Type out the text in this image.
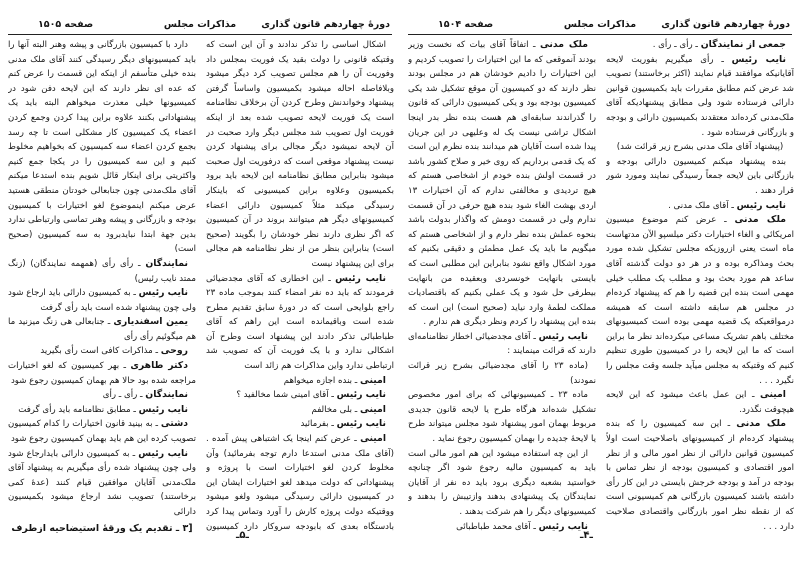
دورهٔ چهاردهم قانون گذاری
مذاکرات مجلس
صفحه ۱۵۰۵

اشکال اساسی را تذکر ندادند و آن این است که وقتیکه قانونی را دولت بقید یک فوریت بمجلس داد وفوریت آن را هم مجلس تصویب کرد دیگر میشود وبلافاصله احاله میشود بکمیسیون واساساً گرفتن پیشنهاد وخواندنش وطرح کردن آن برخلاف نظامنامه است یک فوریت لایحه تصویب شده بعد از اینکه فوریت اول تصویب شد مجلس دیگر وارد صحبت در آن لایحه نمیشود دیگر مجالی برای پیشنهاد کردن نیست پیشنهاد موقعی است که درفوریت اول صحبت میشود بنابراین مطابق نظامنامه این لایحه باید برود بکمیسیون وعلاوه براین کمیسیونی که باینکار رسیدگی میکند مثلاً کمیسیون دارائی اعضاء کمیسیونهای دیگر هم میتوانند بروند در آن کمیسیون که اگر نظری دارند نظر خودشان را بگویند (صحیح است) بنابراین بنظر من از نظر نظامنامه هم مجالی برای این پیشنهاد نیست

نایب رئیس ـ این اخطاری که آقای مجدضیائی فرمودند که باید ده نفر امضاء کنند بموجب ماده ۲۳ راجع بلوایحی است که در دورهٔ سابق تقدیم مطرح شده است وباقیمانده است این راهم که آقای طباطبائی تذکر دادند این پیشنهاد است وطرح آن اشکالی ندارد و با یک فوریت آن که تصویب شد ارتباطی ندارد واین مذاکرات هم زائد است

امینی ـ بنده اجازه میخواهم

نایب رئیس ـ آقای امینی شما مخالفید ؟

امینی ـ بلی مخالفم

نایب رئیس ـ بفرمائید

امینی ـ عرض کنم اینجا یک اشتباهی پیش آمده . (آقای ملک مدنی استدعا دارم توجه بفرمائید) وآن مخلوط کردن لغو اختیارات است با پروژه و پیشنهاداتی که دولت میدهد لغو اختیارات ایشان این در کمیسیون دارائی رسیدگی میشود ولغو میشود ووقتیکه دولت پروژه کارش را آورد وتماس پیدا کرد بادستگاه بعدی که بابودجه سروکار دارد کمیسیون

دارد با کمیسیون بازرگانی و پیشه وهنر البته آنها را باید کمیسیونهای دیگر رسیدگی کنند آقای ملک مدنی بنده خیلی متأسفم از اینکه این قسمت را عرض کنم که عده ای نظر دارند که این لایحه دفن شود در کمیسیونها خیلی معذرت میخواهم البته باید یک پیشنهاداتی بکنند علاوه براین پیدا کردن وجمع کردن اعضاء یک کمیسیون کار مشکلی است تا چه رسد بجمع کردن اعضاء سه کمیسیون که بخواهیم مخلوط کنیم و این سه کمیسیون را در یکجا جمع کنیم واکثریتی برای اینکار قائل شویم بنده استدعا میکنم آقای ملک‌مدنی چون جنابعالی خودتان منطقی هستید عرض میکنم اینموضوع لغو اختیارات با کمیسیون بودجه و بازرگانی و پیشه وهنر تماسی وارتباطی ندارد بدین جهة ابتدا نبایدبرود به سه کمیسیون (صحیح است)

نمایندگان ـ رأی رأی (همهمه نمایندگان) (زنگ ممتد نایب رئیس)

نایب رئیس ـ به کمیسیون دارائی باید ارجاع شود ولی چون پیشنهاد شده است باید رأی گرفت

یمین اسفندیاری ـ جنابعالی هی زنگ میزنید ما هم میگوئیم رأی رأی

روحی ـ مذاکرات کافی است رأی بگیرید

دکتر طاهری ـ بهر کمیسیون که لغو اختیارات مراجعه شده بود حالا هم بهمان کمیسیون رجوع شود

نمایندگان ـ رأی ـ رأی

نایب رئیس ـ مطابق نظامنامه باید رأی گرفت

دشتی ـ به بینید قانون اختیارات را کدام کمیسیون تصویب کرده این هم باید بهمان کمیسیون رجوع شود

نایب رئیس ـ به کمیسیون دارائی بایدارجاع شود ولی چون پیشنهاد شده رأی میگیریم به پیشنهاد آقای ملک‌مدنی آقایان موافقین قیام کنند (عدهٔ کمی برخاستند) تصویب نشد ارجاع میشود بکمیسیون دارائی

[۳ ـ تقدیم یک ورقهٔ استیضاحیه ازطرف

ـ۵ـ
دورهٔ چهاردهم قانون گذاری
مذاکرات مجلس
صفحه ۱۵۰۴

جمعی از نمایندگان ـ رأی ـ رأی .

نایب رئیس ـ رأی میگیریم بفوریت لایحه آقایانیکه موافقند قیام نمایند (اکثر برخاستند) تصویب شد عرض کنم مطابق مقررات باید بکمیسیون قوانین دارائی فرستاده شود ولی مطابق پیشنهادیکه آقای ملک‌مدنی کرده‌اند معتقدند بکمیسیون دارائی و بودجه و بازرگانی فرستاده شود .

(پیشنهاد آقای ملک مدنی بشرح زیر قرائت شد)

بنده پیشنهاد میکنم کمیسیون دارائی بودجه و بازرگانی باین لایحه جمعاً رسیدگی نمایند ومورد شور قرار دهند .

نایب رئیس ـ آقای ملک مدنی .

ملک مدنی ـ عرض کنم موضوع میسیون امریکائی و الغاء اختیارات دکتر میلسپو الآن مدتهاست ماه است یعنی ازروزیکه مجلس تشکیل شده مورد بحث ومذاکره بوده و در هر دو دولت گذشته آقای ساعد هم مورد بحث بود و مطلب یک مطلب خیلی مهمی است بنده این قضیه را هم که پیشنهاد کرده‌ام در مجلس هم سابقه داشته است که همیشه درمواقعیکه یک قضیه مهمی بوده است کمیسیونهای مختلف باهم تشریک مساعی میکرده‌اند نظر ما براین است که ما این لایحه را در کمیسیون طوری تنظیم کنیم که وقتیکه به مجلس میآید جلسه وقت مجلس را نگیرد . . .

امینی ـ این عمل باعث میشود که این لایحه هیچوقت نگذرد.

ملک مدنی ـ این سه کمیسیون را که بنده پیشنهاد کرده‌ام از کمیسیونهای باصلاحیت است اولاً کمیسیون قوانین دارائی از نظر امور مالی و از نظر امور اقتصادی و کمیسیون بودجه از نظر تماس با بودجه در آمد و بودجه خرجش بایستی در این کار رأی داشته باشند کمیسیون بازرگانی هم کمیسیونی است که از نقطه نظر امور بازرگانی واقتصادی صلاحیت دارد . . .

ملک مدنی ـ اتفاقاً آقای بیات که نخست وزیر بودند آنموقعی که ما این اختیارات را تصویب کردیم و این اختیارات را دادیم خودشان هم در مجلس بودند نظر دارند که دو کمیسیون آن موقع تشکیل شد یکی کمیسیون بودجه بود و یکی کمیسیون دارائی که قانون را گذراندند سابقه‌ای هم هست بنده نظر بدر اینجا اشکال تراشی نیست یک له وعلیهی در این جریان پیدا شده است آقایان هم میدانند بنده نظرم این است که یک قدمی برداریم که روی خیر و صلاح کشور باشد در قسمت اولش بنده خودم از اشخاصی هستم که هیچ تردیدی و مخالفتی ندارم که آن اختیارات ۱۳ اردی بهشت الغاء شود بنده هیچ حرفی در آن قسمت ندارم ولی در قسمت دومش که واگذار بدولت باشد بنحوه عملش بنده نظر دارم و از اشخاصی هستم که میگویم ما باید یک عمل مطمئن و دقیقی بکنیم که مورد اشکال واقع نشود بنابراین این مطلبی است که بایستی بانهایت خونسردی وبعقیده من بانهایت بیطرفی حل شود و یک عملی بکنیم که باقتصادیات مملکت لطمهٔ وارد نیاید (صحیح است) این است که بنده این پیشنهاد را کردم ونظر دیگری هم ندارم .

نایب رئیس ـ آقای مجدضیائی اخطار نظامنامه‌ای دارند که قرائت مینمایند :

(ماده ۲۳ را آقای مجدضیائی بشرح زیر قرائت نمودند)

ماده ۲۳ ـ کمیسیونهائی که برای امور مخصوص تشکیل شده‌اند هرگاه طرح یا لایحه قانون جدیدی مربوط بهمان امور پیشنهاد شود مجلس میتواند طرح یا لایحهٔ جدیده را بهمان کمیسیون رجوع نماید .

از این چه استفاده میشود این هم امور مالی است باید به کمیسیون مالیه رجوع شود اگر چنانچه خواستید بشعبه دیگری برود باید ده نفر از آقایان نمایندگان یک پیشنهادی بدهند وازتیبش را بدهند و کمیسیونهای دیگر را هم شرکت بدهند .

نایب رئیس ـ آقای محمد طباطبائی

ـ۴ـ
